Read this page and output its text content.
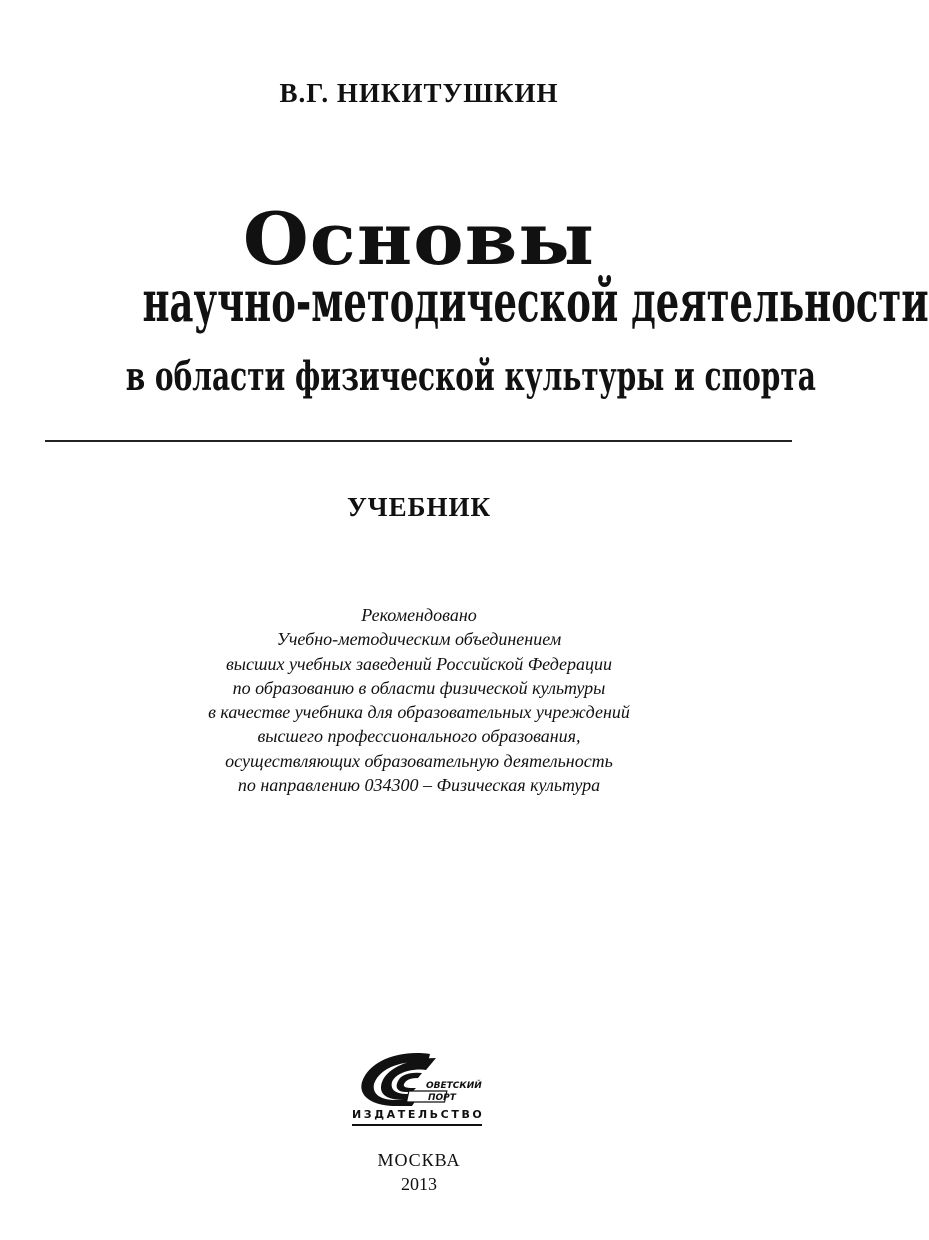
В.Г. НИКИТУШКИН
Основы
научно-методической деятельности
в области физической культуры и спорта
УЧЕБНИК
Рекомендовано
Учебно-методическим объединением
высших учебных заведений Российской Федерации
по образованию в области физической культуры
в качестве учебника для образовательных учреждений
высшего профессионального образования,
осуществляющих образовательную деятельность
по направлению 034300 – Физическая культура
ОВЕТСКИЙ
ПОРТ
ИЗДАТЕЛЬСТВО
МОСКВА
2013
